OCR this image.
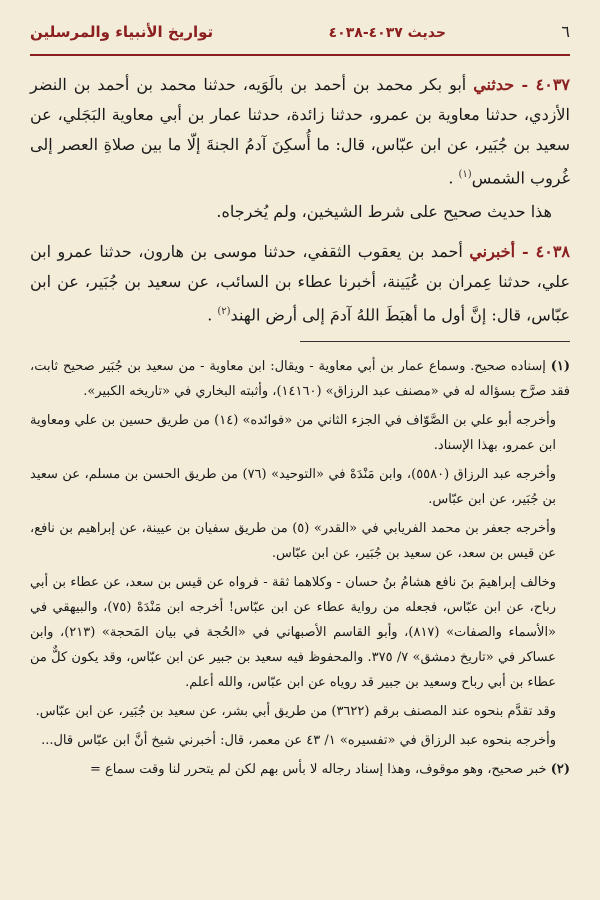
٦
حديث ٤٠٣٧-٤٠٣٨
تواريخ الأنبياء والمرسلين

٤٠٣٧ - حدثني أبو بكر محمد بن أحمد بن بالَوَيه، حدثنا محمد بن أحمد بن النضر الأزدي، حدثنا معاوية بن عمرو، حدثنا زائدة، حدثنا عمار بن أبي معاوية البَجَلي، عن سعيد بن جُبَير، عن ابن عبّاس، قال: ما أُسكِنَ آدمُ الجنةَ إلّا ما بين صلاةِ العصر إلى غُروب الشمس$^{(١)}$ .

هذا حديث صحيح على شرط الشيخين، ولم يُخرجاه.

٤٠٣٨ - أخبرني أحمد بن يعقوب الثقفي، حدثنا موسى بن هارون، حدثنا عمرو ابن علي، حدثنا عِمران بن عُيَينة، أخبرنا عطاء بن السائب، عن سعيد بن جُبَير، عن ابن عبّاس، قال: إنَّ أول ما أهبَطَ اللهُ آدمَ إلى أرض الهند$^{(٢)}$ .

(١) إسناده صحيح. وسماع عمار بن أبي معاوية - ويقال: ابن معاوية - من سعيد بن جُبَير صحيح ثابت، فقد صرَّح بسؤاله له في «مصنف عبد الرزاق» (١٤١٦٠)، وأثبته البخاري في «تاريخه الكبير».

وأخرجه أبو علي بن الصَّوّاف في الجزء الثاني من «فوائده» (١٤) من طريق حسين بن علي ومعاوية ابن عمرو، بهذا الإسناد.

وأخرجه عبد الرزاق (٥٥٨٠)، وابن مَنْدَهْ في «التوحيد» (٧٦) من طريق الحسن بن مسلم، عن سعيد بن جُبَير، عن ابن عبّاس.

وأخرجه جعفر بن محمد الفريابي في «القدر» (٥) من طريق سفيان بن عيينة، عن إبراهيم بن نافع، عن قيس بن سعد، عن سعيد بن جُبَير، عن ابن عبّاس.

وخالف إبراهيمَ بنَ نافع هشامُ بنُ حسان - وكلاهما ثقة - فرواه عن قيس بن سعد، عن عطاء بن أبي رباح، عن ابن عبّاس، فجعله من رواية عطاء عن ابن عبّاس! أخرجه ابن مَنْدَهْ (٧٥)، والبيهقي في «الأسماء والصفات» (٨١٧)، وأبو القاسم الأصبهاني في «الحُجة في بيان المَحجة» (٢١٣)، وابن عساكر في «تاريخ دمشق» ٧/ ٣٧٥. والمحفوظ فيه سعيد بن جبير عن ابن عبّاس، وقد يكون كلٌّ من عطاء بن أبي رباح وسعيد بن جبير قد روياه عن ابن عبّاس، والله أعلم.

وقد تقدَّم بنحوه عند المصنف برقم (٣٦٢٢) من طريق أبي بشر، عن سعيد بن جُبَير، عن ابن عبّاس.

وأخرجه بنحوه عبد الرزاق في «تفسيره» ١/ ٤٣ عن معمر، قال: أخبرني شيخ أنَّ ابن عبّاس قال...

(٢) خبر صحيح، وهو موقوف، وهذا إسناد رجاله لا بأس بهم لكن لم يتحرر لنا وقت سماع =
